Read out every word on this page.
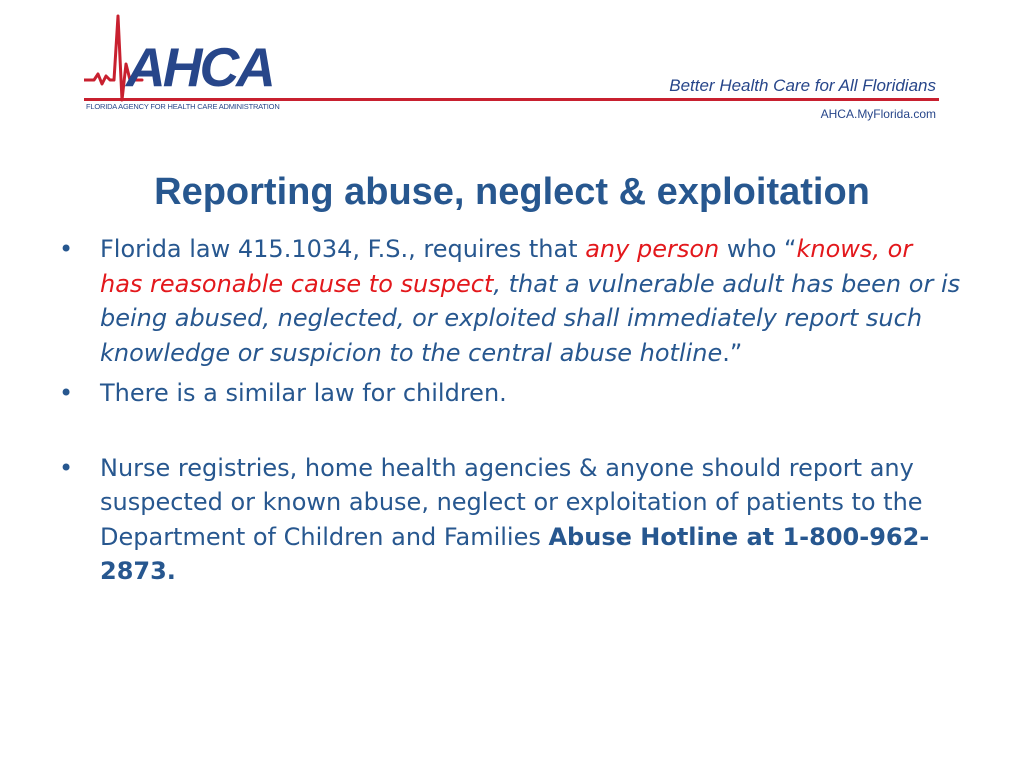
AHCA
FLORIDA AGENCY FOR HEALTH CARE ADMINISTRATION
Better Health Care for All Floridians
AHCA.MyFlorida.com
Reporting abuse, neglect & exploitation
• Florida law 415.1034, F.S., requires that any person who “knows, or has reasonable cause to suspect, that a vulnerable adult has been or is being abused, neglected, or exploited shall immediately report such knowledge or suspicion to the central abuse hotline.”
• There is a similar law for children.
• Nurse registries, home health agencies & anyone should report any suspected or known abuse, neglect or exploitation of patients to the Department of Children and Families Abuse Hotline at 1-800-962-2873.
